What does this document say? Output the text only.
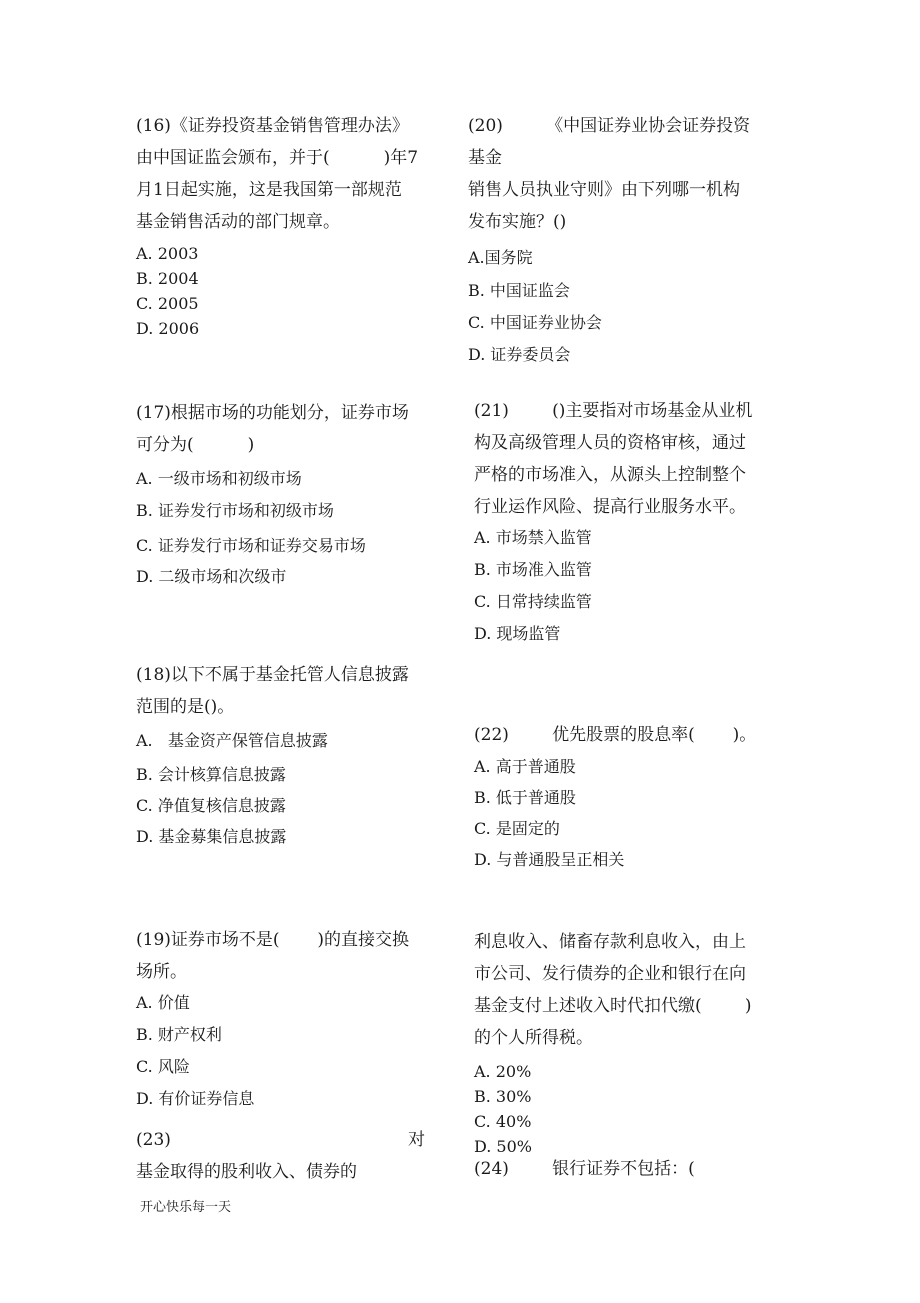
(16)《证券投资基金销售管理办法》
由中国证监会颁布，并于(          )年7
月1日起实施，这是我国第一部规范
基金销售活动的部门规章。
A. 2003
B. 2004
C. 2005
D. 2006
(17)根据市场的功能划分，证券市场
可分为(          )
A. 一级市场和初级市场
B. 证券发行市场和初级市场
C. 证券发行市场和证券交易市场
D. 二级市场和次级市
(18)以下不属于基金托管人信息披露
范围的是()。
A.   基金资产保管信息披露
B. 会计核算信息披露
C. 净值复核信息披露
D. 基金募集信息披露
(19)证券市场不是(       )的直接交换
场所。
A. 价值
B. 财产权利
C. 风险
D. 有价证券信息
(23)	对
基金取得的股利收入、债券的
(20)        《中国证券业协会证券投资
基金
销售人员执业守则》由下列哪一机构
发布实施？()
A.国务院
B. 中国证监会
C. 中国证券业协会
D. 证券委员会
(21)        ()主要指对市场基金从业机
构及高级管理人员的资格审核，通过
严格的市场准入，从源头上控制整个
行业运作风险、提高行业服务水平。
A. 市场禁入监管
B. 市场准入监管
C. 日常持续监管
D. 现场监管
(22)        优先股票的股息率(       )。
A. 高于普通股
B. 低于普通股
C. 是固定的
D. 与普通股呈正相关
利息收入、储畜存款利息收入，由上
市公司、发行债券的企业和银行在向
基金支付上述收入时代扣代缴(        )
的个人所得税。
A. 20%
B. 30%
C. 40%
D. 50%
(24)        银行证券不包括：(
开心快乐每一天
